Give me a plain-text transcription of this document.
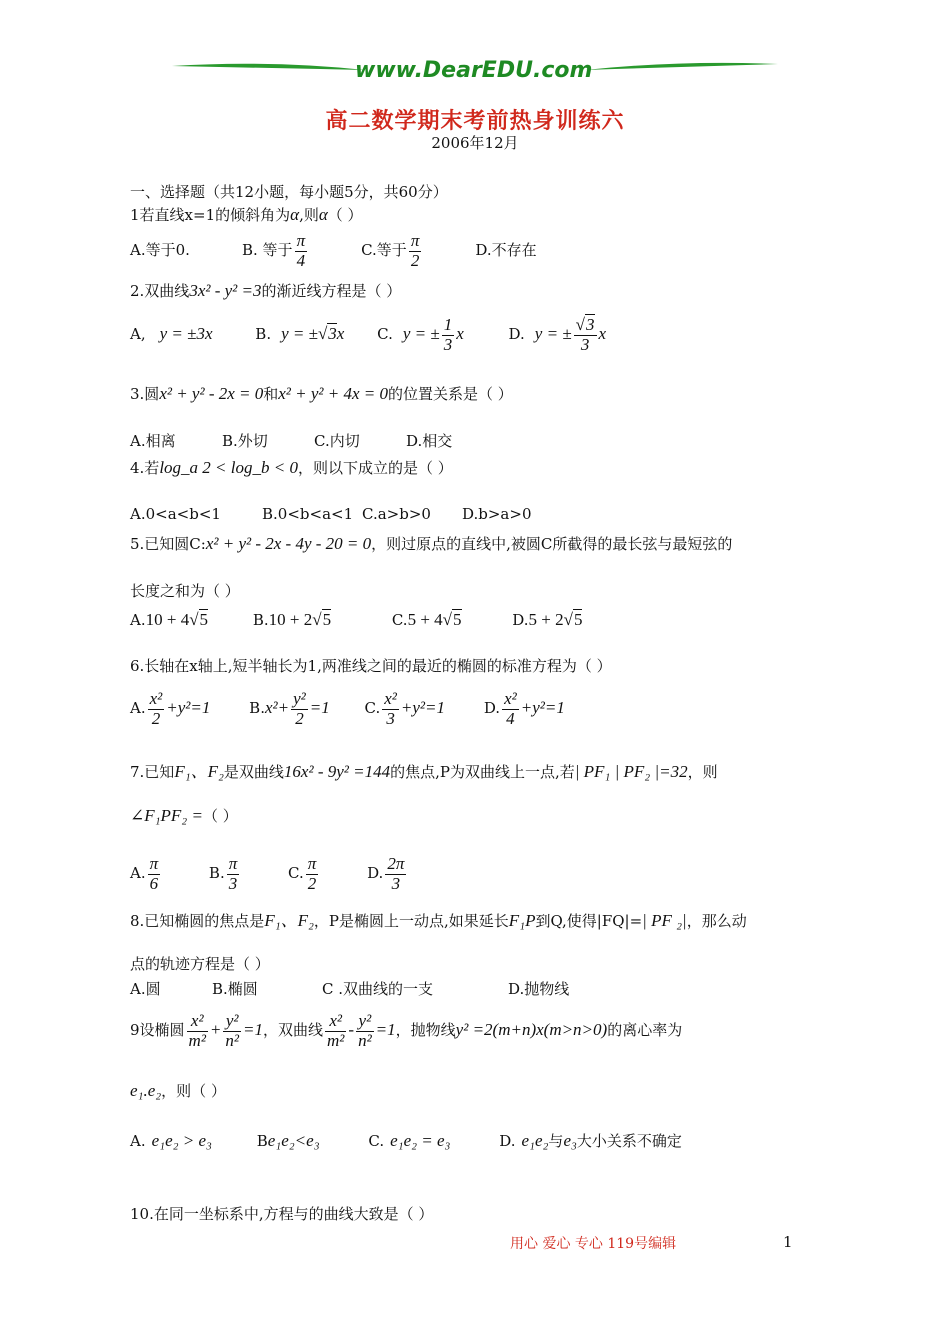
www.DearEDU.com
高二数学期末考前热身训练六
2006年12月
一、选择题（共12小题，每小题5分，共60分）
1若直线x=1的倾斜角为α,则α（ ）
A.等于0.	B. 等于 $\frac{\pi}{4}$	C.等于 $\frac{\pi}{2}$	D.不存在
2.双曲线3x² - y² =3的渐近线方程是（ ）
A, y = ±3x	B. y = ±√3x C. y = ± $\frac{1}{3}$ x	D. y = ± $\frac{√3}{3}$ x
3.圆x² + y² - 2x = 0和x² + y² + 4x = 0的位置关系是（ ）
A.相离	B.外切	C.内切	D.相交
4.若log_a 2 < log_b < 0，则以下成立的是（ ）
A.0<a<b<1	B.0<b<a<1 C.a>b>0 D.b>a>0
5.已知圆C:x² + y² - 2x - 4y - 20 = 0，则过原点的直线中,被圆C所截得的最长弦与最短弦的
长度之和为（ ）
A.10 + 4√5	B.10 + 2√5	C.5 + 4√5	D.5 + 2√5
6.长轴在x轴上,短半轴长为1,两准线之间的最近的椭圆的标准方程为（ ）
A. $\frac{\text{x²}}{2} +y^2=1$	$B.x^2+ \frac{\text{y²}}{2} =1$ C. $\frac{\text{x²}}{3} +y^2=1$	D. $\frac{\text{x²}}{4} +y^2=1$
7.已知F₁、F₂是双曲线16x² - 9y² =144的焦点,P为双曲线上一点,若| PF₁ | PF₂ |=32，则
∠F₁PF₂ =（ ）
A. $\frac{\pi}{6}$	B. $\frac{\pi}{3}$	C. $\frac{\pi}{2}$	D. $\frac{2\pi}{3}$
8.已知椭圆的焦点是F₁、F₂，P是椭圆上一动点,如果延长F₁P到Q,使得|FQ|=| PF ₂|，那么动
点的轨迹方程是（ ）
A.圆	B.椭圆	C .双曲线的一支	D.抛物线
9设椭圆 $\frac{\text{x²}}{\text{m²}} + \frac{\text{y²}}{\text{n²}} =1$，双曲线 $\frac{\text{x²}}{\text{m²}} - \frac{\text{y²}}{\text{n²}} =1$，抛物线y² =2(m+n)x(m>n>0)的离心率为
e₁.e₂，则（ ）
A. e₁e₂ > e₃	Be₁e₂<e₃	C. e₁e₂ = e₃	D. e₁e₂与e₃大小关系不确定
10.在同一坐标系中,方程与的曲线大致是（ ）
用心 爱心 专心 119号编辑	1
